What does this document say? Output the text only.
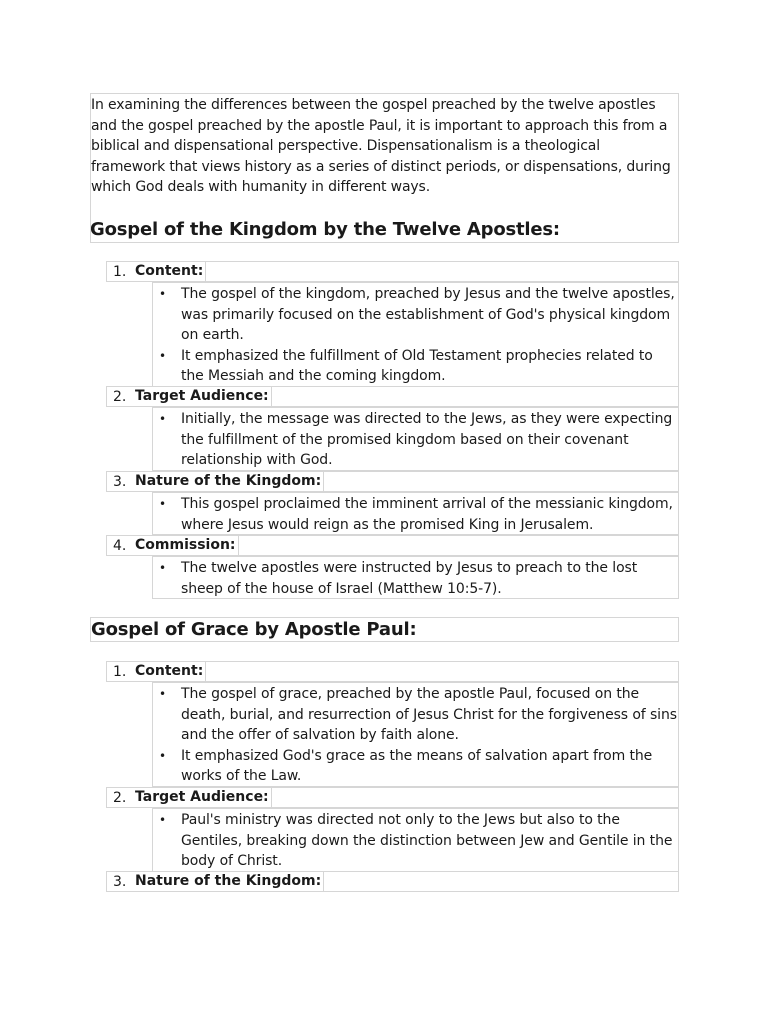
In examining the differences between the gospel preached by the twelve apostles and the gospel preached by the apostle Paul, it is important to approach this from a biblical and dispensational perspective. Dispensationalism is a theological framework that views history as a series of distinct periods, or dispensations, during which God deals with humanity in different ways.

Gospel of the Kingdom by the Twelve Apostles:
1. Content:
• The gospel of the kingdom, preached by Jesus and the twelve apostles, was primarily focused on the establishment of God's physical kingdom on earth.
• It emphasized the fulfillment of Old Testament prophecies related to the Messiah and the coming kingdom.
2. Target Audience:
• Initially, the message was directed to the Jews, as they were expecting the fulfillment of the promised kingdom based on their covenant relationship with God.
3. Nature of the Kingdom:
• This gospel proclaimed the imminent arrival of the messianic kingdom, where Jesus would reign as the promised King in Jerusalem.
4. Commission:
• The twelve apostles were instructed by Jesus to preach to the lost sheep of the house of Israel (Matthew 10:5-7).
Gospel of Grace by Apostle Paul:
1. Content:
• The gospel of grace, preached by the apostle Paul, focused on the death, burial, and resurrection of Jesus Christ for the forgiveness of sins and the offer of salvation by faith alone.
• It emphasized God's grace as the means of salvation apart from the works of the Law.
2. Target Audience:
• Paul's ministry was directed not only to the Jews but also to the Gentiles, breaking down the distinction between Jew and Gentile in the body of Christ.
3. Nature of the Kingdom:
